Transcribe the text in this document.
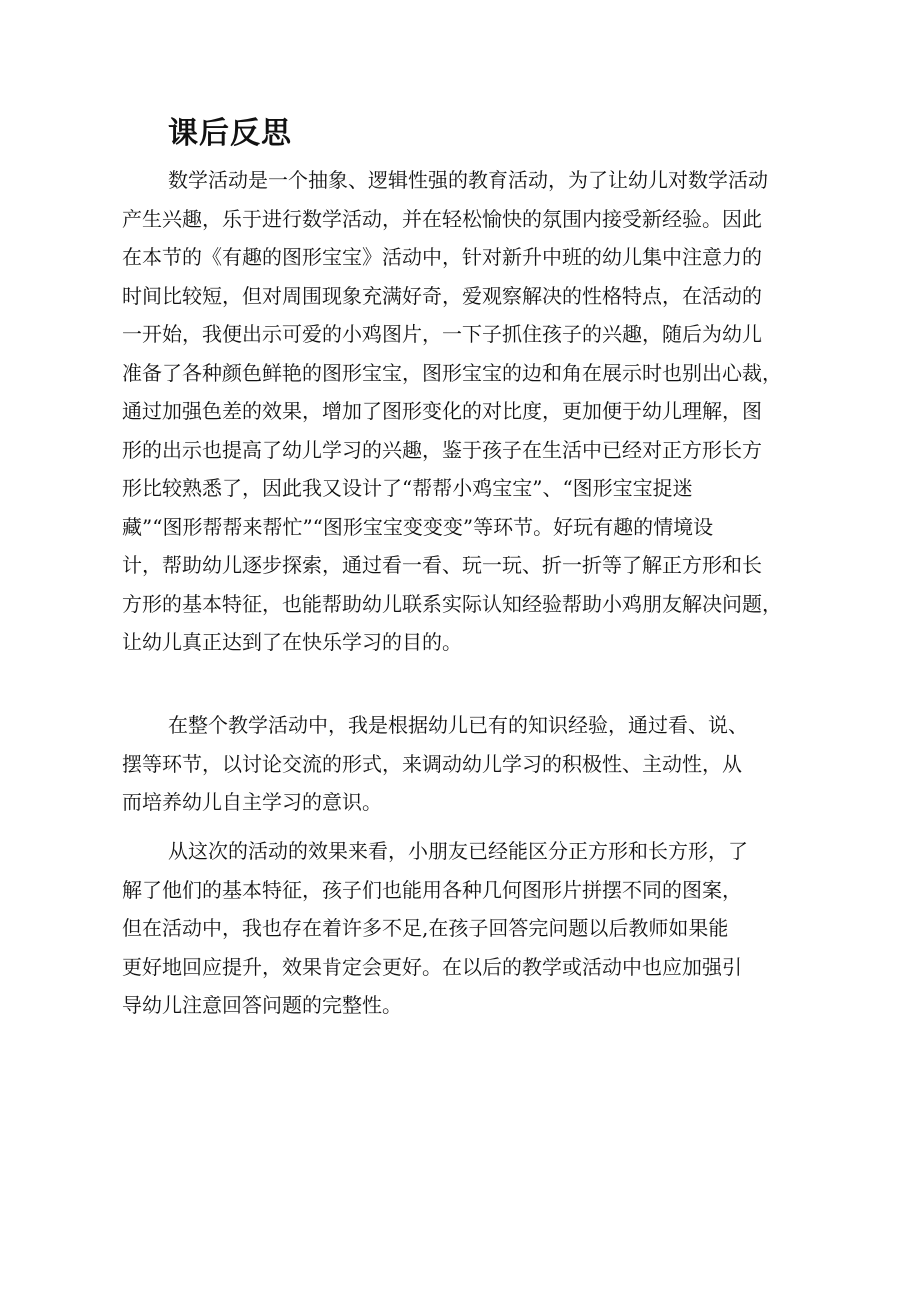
课后反思
数学活动是一个抽象、逻辑性强的教育活动，为了让幼儿对数学活动
产生兴趣，乐于进行数学活动，并在轻松愉快的氛围内接受新经验。因此
在本节的《有趣的图形宝宝》活动中，针对新升中班的幼儿集中注意力的
时间比较短，但对周围现象充满好奇，爱观察解决的性格特点，在活动的
一开始，我便出示可爱的小鸡图片，一下子抓住孩子的兴趣，随后为幼儿
准备了各种颜色鲜艳的图形宝宝，图形宝宝的边和角在展示时也别出心裁，
通过加强色差的效果，增加了图形变化的对比度，更加便于幼儿理解，图
形的出示也提高了幼儿学习的兴趣，鉴于孩子在生活中已经对正方形长方
形比较熟悉了，因此我又设计了“帮帮小鸡宝宝”、“图形宝宝捉迷
藏”“图形帮帮来帮忙”“图形宝宝变变变”等环节。好玩有趣的情境设
计，帮助幼儿逐步探索，通过看一看、玩一玩、折一折等了解正方形和长
方形的基本特征，也能帮助幼儿联系实际认知经验帮助小鸡朋友解决问题，
让幼儿真正达到了在快乐学习的目的。
在整个教学活动中，我是根据幼儿已有的知识经验，通过看、说、
摆等环节，以讨论交流的形式，来调动幼儿学习的积极性、主动性，从
而培养幼儿自主学习的意识。
从这次的活动的效果来看，小朋友已经能区分正方形和长方形，了
解了他们的基本特征，孩子们也能用各种几何图形片拼摆不同的图案，
但在活动中，我也存在着许多不足,在孩子回答完问题以后教师如果能
更好地回应提升，效果肯定会更好。在以后的教学或活动中也应加强引
导幼儿注意回答问题的完整性。
